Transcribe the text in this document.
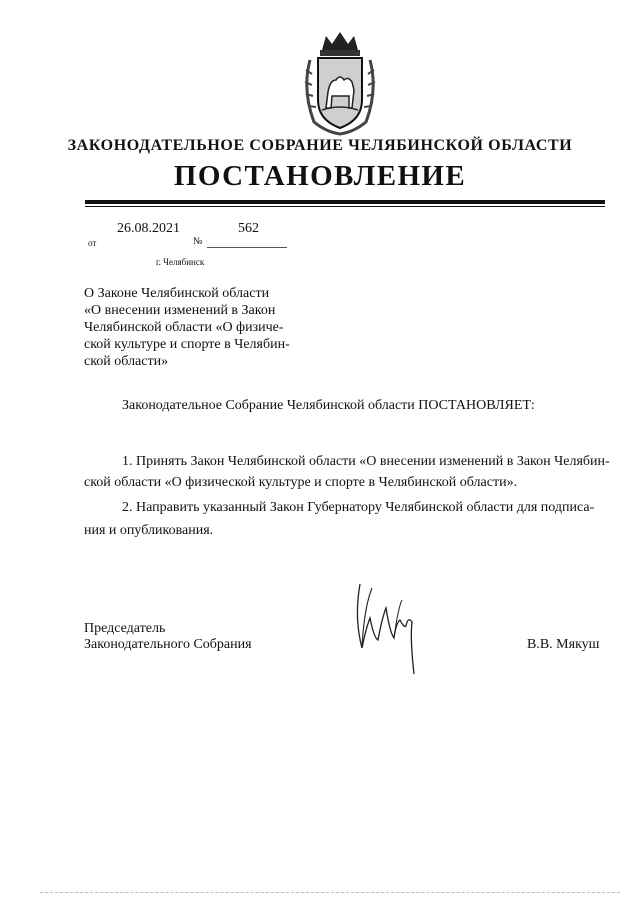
ЗАКОНОДАТЕЛЬНОЕ СОБРАНИЕ ЧЕЛЯБИНСКОЙ ОБЛАСТИ
ПОСТАНОВЛЕНИЕ
26.08.2021	562
от	№
г. Челябинск
О Законе Челябинской области
«О внесении изменений в Закон
Челябинской области «О физиче-
ской культуре и спорте в Челябин-
ской области»
Законодательное Собрание Челябинской области ПОСТАНОВЛЯЕТ:
1. Принять Закон Челябинской области «О внесении изменений в Закон Челябин-
ской области «О физической культуре и спорте в Челябинской области».
2. Направить указанный Закон Губернатору Челябинской области для подписа-
ния и опубликования.
Председатель
Законодательного Собрания	В.В. Мякуш
